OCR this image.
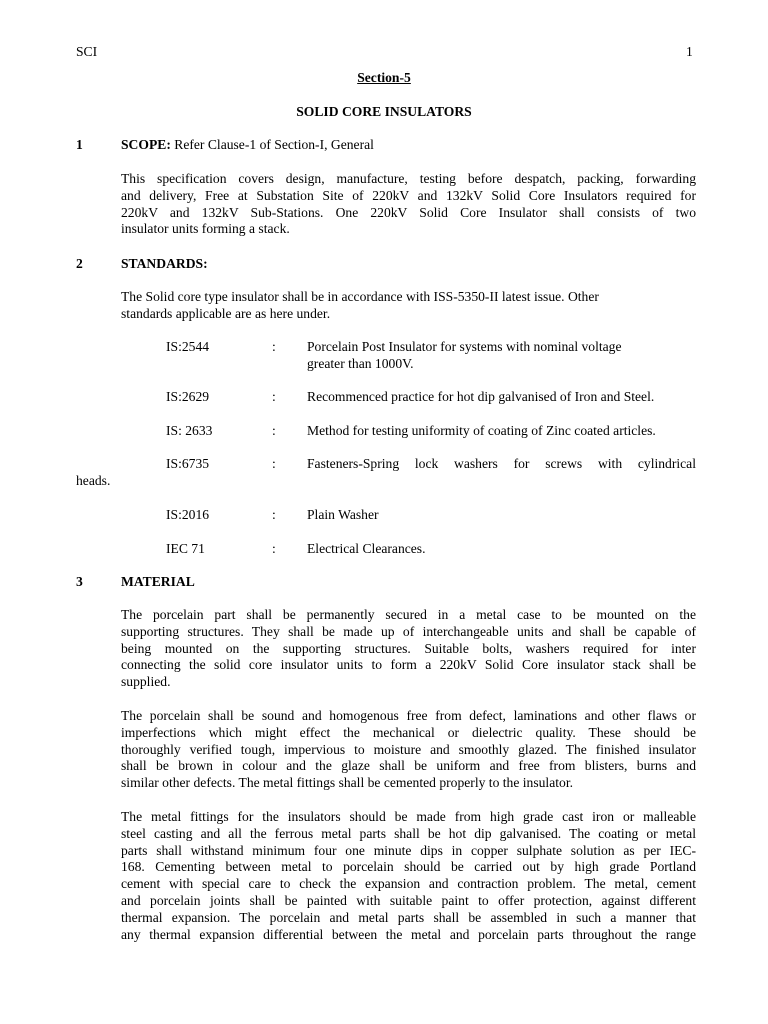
SCI	1
Section-5
SOLID CORE INSULATORS
1	SCOPE: Refer Clause-1 of Section-I, General
This specification covers design, manufacture, testing before despatch, packing, forwarding
and delivery, Free at Substation Site of 220kV and 132kV Solid Core Insulators required for
220kV and 132kV Sub-Stations. One 220kV Solid Core Insulator shall consists of two
insulator units forming a stack.
2	STANDARDS:
The Solid core type insulator shall be in accordance with ISS-5350-II latest issue. Other
standards applicable are as here under.
IS:2544	: Porcelain Post Insulator for systems with nominal voltage
greater than 1000V.
IS:2629	: Recommenced practice for hot dip galvanised of Iron and Steel.
IS: 2633	: Method for testing uniformity of coating of Zinc coated articles.
IS:6735	: Fasteners-Spring lock washers for screws with cylindrical
heads.
IS:2016	: Plain Washer
IEC 71	: Electrical Clearances.
3	MATERIAL
The porcelain part shall be permanently secured in a metal case to be mounted on the
supporting structures. They shall be made up of interchangeable units and shall be capable of
being mounted on the supporting structures. Suitable bolts, washers required for inter
connecting the solid core insulator units to form a 220kV Solid Core insulator stack shall be
supplied.
The porcelain shall be sound and homogenous free from defect, laminations and other flaws or
imperfections which might effect the mechanical or dielectric quality. These should be
thoroughly verified tough, impervious to moisture and smoothly glazed. The finished insulator
shall be brown in colour and the glaze shall be uniform and free from blisters, burns and
similar other defects. The metal fittings shall be cemented properly to the insulator.
The metal fittings for the insulators should be made from high grade cast iron or malleable
steel casting and all the ferrous metal parts shall be hot dip galvanised. The coating or metal
parts shall withstand minimum four one minute dips in copper sulphate solution as per IEC-
168. Cementing between metal to porcelain should be carried out by high grade Portland
cement with special care to check the expansion and contraction problem. The metal, cement
and porcelain joints shall be painted with suitable paint to offer protection, against different
thermal expansion. The porcelain and metal parts shall be assembled in such a manner that
any thermal expansion differential between the metal and porcelain parts throughout the range
